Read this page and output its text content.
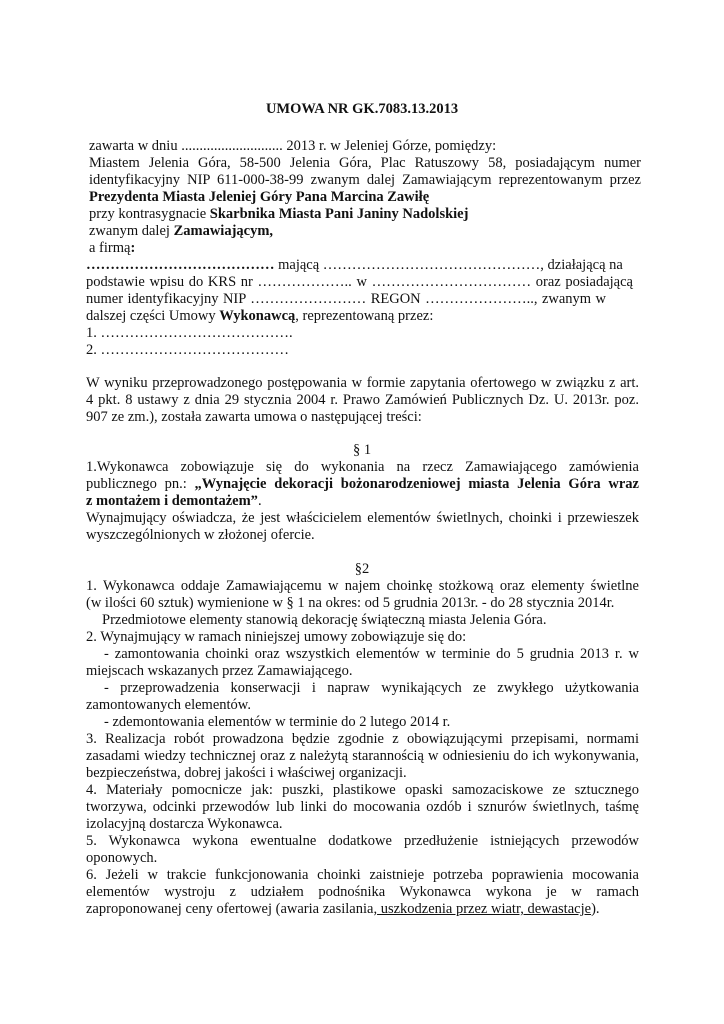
UMOWA NR GK.7083.13.2013
zawarta w dniu ............................ 2013 r. w Jeleniej Górze, pomiędzy:
Miastem Jelenia Góra, 58-500 Jelenia Góra, Plac Ratuszowy 58, posiadającym numer
identyfikacyjny NIP 611-000-38-99 zwanym dalej Zamawiającym reprezentowanym przez
Prezydenta Miasta Jeleniej Góry Pana Marcina Zawiłę
przy kontrasygnacie Skarbnika Miasta Pani Janiny Nadolskiej
zwanym dalej Zamawiającym,
a firmą:
………………………………… mającą ………………………………………, działającą na
podstawie wpisu do KRS nr ……………….. w …………………………… oraz posiadającą
numer identyfikacyjny NIP …………………… REGON ………………….., zwanym w
dalszej części Umowy Wykonawcą, reprezentowaną przez:
1. ………………………………….
2. …………………………………
W wyniku przeprowadzonego postępowania w formie zapytania ofertowego w związku z art.
4 pkt. 8 ustawy z dnia 29 stycznia 2004 r. Prawo Zamówień Publicznych Dz. U. 2013r. poz.
907 ze zm.), została zawarta umowa o następującej treści:
§ 1
1.Wykonawca zobowiązuje się do wykonania na rzecz Zamawiającego zamówienia
publicznego pn.: „Wynajęcie dekoracji bożonarodzeniowej miasta Jelenia Góra wraz
z montażem i demontażem”.
Wynajmujący oświadcza, że jest właścicielem elementów świetlnych, choinki i przewieszek
wyszczególnionych w złożonej ofercie.
§2
1. Wykonawca oddaje Zamawiającemu w najem choinkę stożkową oraz elementy świetlne
(w ilości 60 sztuk) wymienione w § 1 na okres: od 5 grudnia 2013r. - do 28 stycznia 2014r.
Przedmiotowe elementy stanowią dekorację świąteczną miasta Jelenia Góra.
2. Wynajmujący w ramach niniejszej umowy zobowiązuje się do:
- zamontowania choinki oraz wszystkich elementów w terminie do 5 grudnia 2013 r. w
miejscach wskazanych przez Zamawiającego.
- przeprowadzenia konserwacji i napraw wynikających ze zwykłego użytkowania
zamontowanych elementów.
- zdemontowania elementów w terminie do 2 lutego 2014 r.
3. Realizacja robót prowadzona będzie zgodnie z obowiązującymi przepisami, normami
zasadami wiedzy technicznej oraz z należytą starannością w odniesieniu do ich wykonywania,
bezpieczeństwa, dobrej jakości i właściwej organizacji.
4. Materiały pomocnicze jak: puszki, plastikowe opaski samozaciskowe ze sztucznego
tworzywa, odcinki przewodów lub linki do mocowania ozdób i sznurów świetlnych, taśmę
izolacyjną dostarcza Wykonawca.
5. Wykonawca wykona ewentualne dodatkowe przedłużenie istniejących przewodów
oponowych.
6. Jeżeli w trakcie funkcjonowania choinki zaistnieje potrzeba poprawienia mocowania
elementów wystroju z udziałem podnośnika Wykonawca wykona je w ramach
zaproponowanej ceny ofertowej (awaria zasilania, uszkodzenia przez wiatr, dewastacje).
